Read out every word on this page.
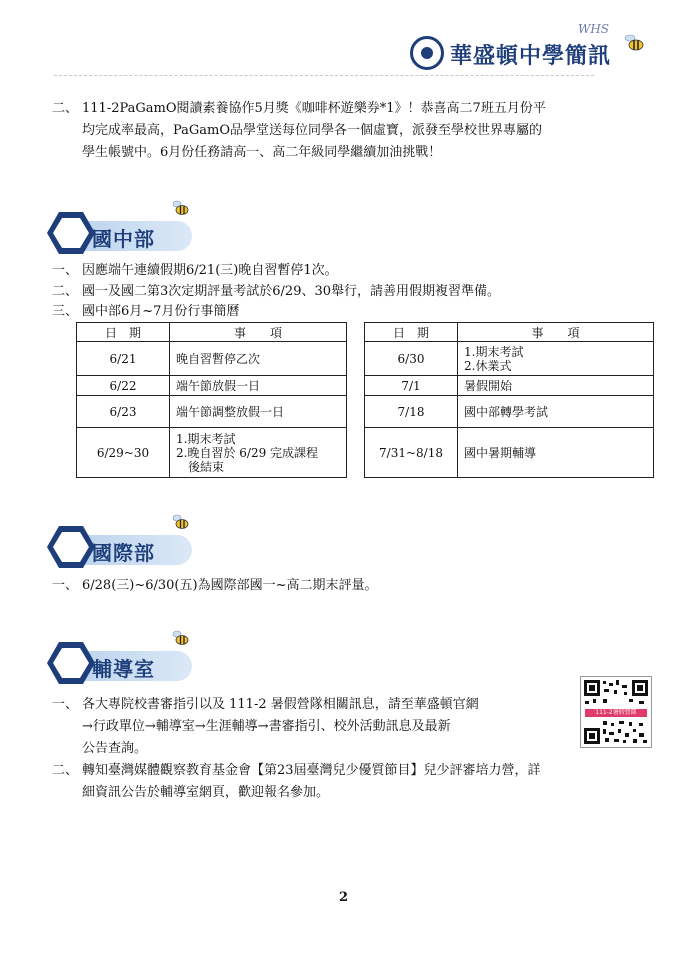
WHS
華盛頓中學簡訊
二、 111-2PaGamO閱讀素養協作5月獎《咖啡杯遊樂券*1》！恭喜高二7班五月份平
均完成率最高，PaGamO品學堂送每位同學各一個虛寶，派發至學校世界專屬的
學生帳號中。6月份任務請高一、高二年級同學繼續加油挑戰！
國中部
一、 因應端午連續假期6/21(三)晚自習暫停1次。
二、 國一及國二第3次定期評量考試於6/29、30舉行，請善用假期複習準備。
三、 國中部6月~7月份行事簡曆
日　期	事　　項
6/21	晚自習暫停乙次
6/22	端午節放假一日
6/23	端午節調整放假一日
6/29~30	1.期末考試
2.晚自習於 6/29 完成課程
　後結束
日　期	事　　項
6/30	1.期末考試
2.休業式

7/1	暑假開始
7/18	國中部轉學考試
7/31~8/18	國中暑期輔導
國際部
一、 6/28(三)~6/30(五)為國際部國一~高二期末評量。
輔導室
一、 各大專院校書審指引以及 111-2 暑假營隊相關訊息，請至華盛頓官網
→行政單位→輔導室→生涯輔導→書審指引、校外活動訊息及最新
公告查詢。
111-2暑假營隊
二、 轉知臺灣媒體觀察教育基金會【第23屆臺灣兒少優質節目】兒少評審培力營，詳
細資訊公告於輔導室網頁，歡迎報名參加。
2
